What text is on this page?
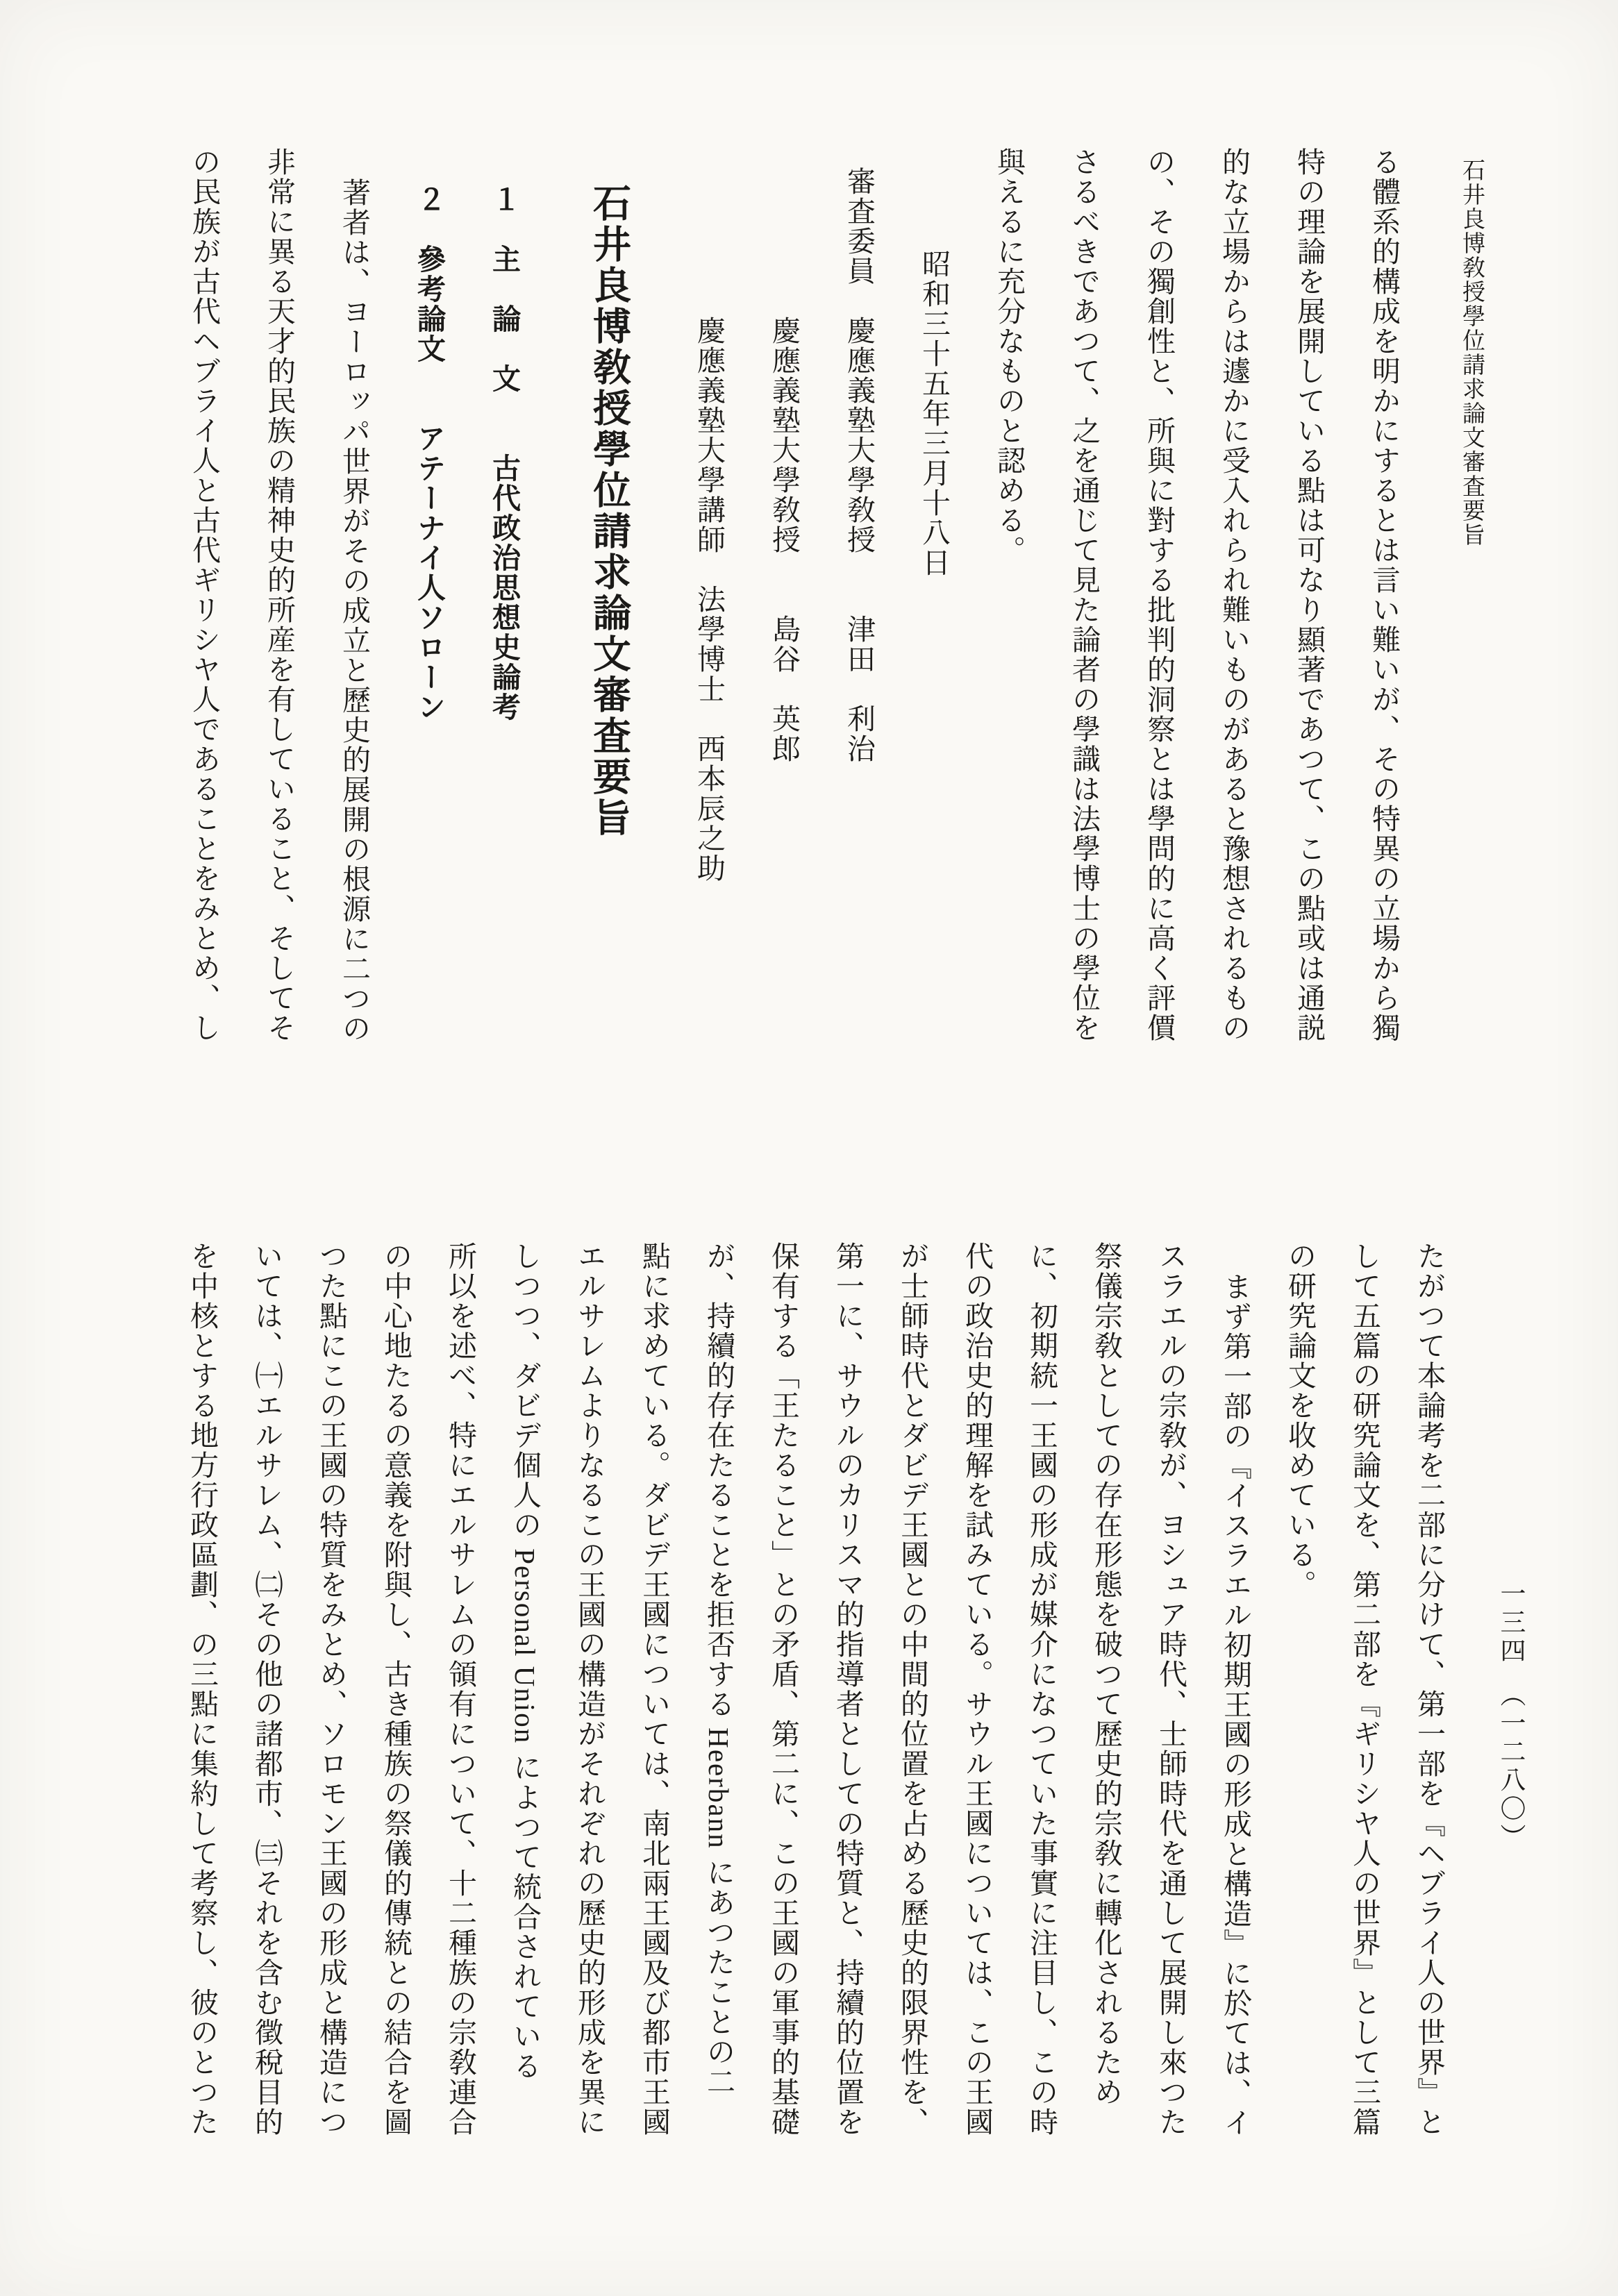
石井良博敎授學位請求論文審査要旨
る體系的構成を明かにするとは言い難いが、その特異の立場から獨
特の理論を展開している點は可なり顯著であつて、この點或は通説
的な立場からは遽かに受入れられ難いものがあると豫想されるもの
の、その獨創性と、所與に對する批判的洞察とは學問的に高く評價
さるべきであつて、之を通じて見た論者の學識は法學博士の學位を
與えるに充分なものと認める。
昭和三十五年三月十八日
審査委員　慶應義塾大學敎授　　津田　利治
慶應義塾大學敎授　　島谷　英郎
慶應義塾大學講師　法學博士　西本辰之助
石井良博敎授學位請求論文審査要旨
１　主　論　文　　古代政治思想史論考
２　參考論文　　アテーナイ人ソローン
著者は、ヨーロッパ世界がその成立と歷史的展開の根源に二つの
非常に異る天才的民族の精神史的所産を有していること、そしてそ
の民族が古代ヘブライ人と古代ギリシヤ人であることをみとめ、し
一三四　（一二八〇）
たがつて本論考を二部に分けて、第一部を『ヘブライ人の世界』と
して五篇の研究論文を、第二部を『ギリシヤ人の世界』として三篇
の研究論文を收めている。
まず第一部の『イスラエル初期王國の形成と構造』に於ては、イ
スラエルの宗敎が、ヨシュア時代、士師時代を通して展開し來つた
祭儀宗敎としての存在形態を破つて歷史的宗敎に轉化されるため
に、初期統一王國の形成が媒介になつていた事實に注目し、この時
代の政治史的理解を試みている。サウル王國については、この王國
が士師時代とダビデ王國との中間的位置を占める歷史的限界性を、
第一に、サウルのカリスマ的指導者としての特質と、持續的位置を
保有する「王たること」との矛盾、第二に、この王國の軍事的基礎
が、持續的存在たることを拒否する Heerbann にあつたことの二
點に求めている。ダビデ王國については、南北兩王國及び都市王國
エルサレムよりなるこの王國の構造がそれぞれの歷史的形成を異に
しつつ、ダビデ個人の Personal Union によつて統合されている
所以を述べ、特にエルサレムの領有について、十二種族の宗敎連合
の中心地たるの意義を附與し、古き種族の祭儀的傳統との結合を圖
つた點にこの王國の特質をみとめ、ソロモン王國の形成と構造につ
いては、㈠エルサレム、㈡その他の諸都市、㈢それを含む徵稅目的
を中核とする地方行政區劃、の三點に集約して考察し、彼のとつた
